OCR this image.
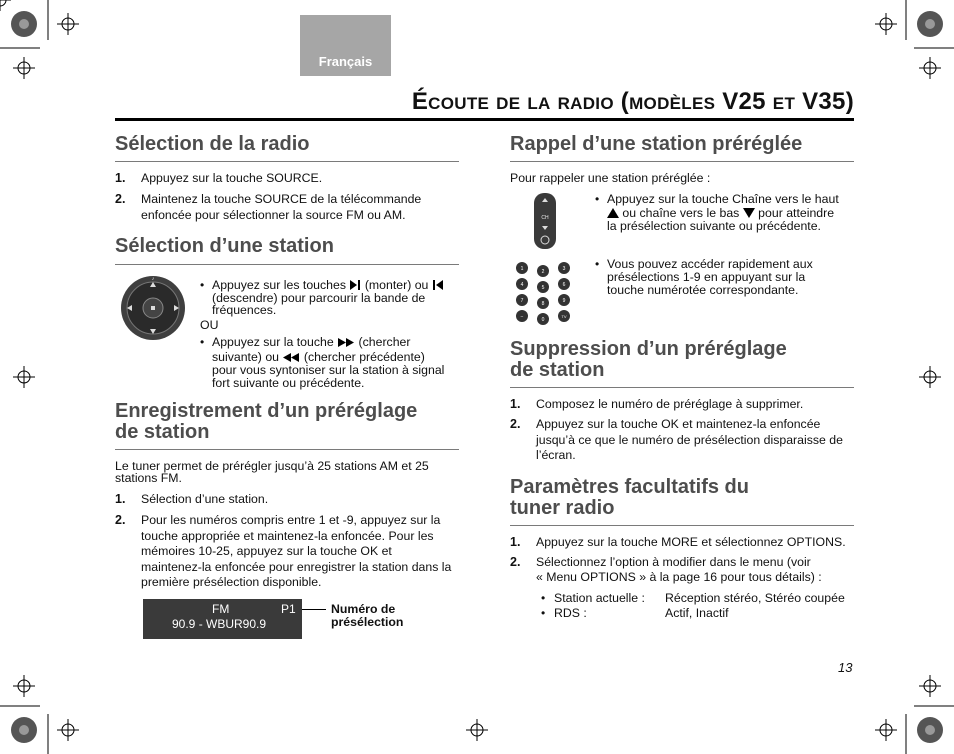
Français
Écoute de la radio (modèles V25 et V35)
Sélection de la radio
1. Appuyez sur la touche SOURCE.
2. Maintenez la touche SOURCE de la télécommande
enfoncée pour sélectionner la source FM ou AM.
Sélection d’une station
♪	• Appuyez sur les touches (monter) ou
(descendre) pour parcourir la bande de
fréquences.
OU
• Appuyez sur la touche (chercher
suivante) ou (chercher précédente)
pour vous syntoniser sur la station à signal
fort suivante ou précédente.
Enregistrement d’un préréglage
de station
Le tuner permet de prérégler jusqu’à 25 stations AM et 25
stations FM.
1. Sélection d’une station.
2. Pour les numéros compris entre 1 et -9, appuyez sur la
touche appropriée et maintenez-la enfoncée. Pour les
mémoires 10-25, appuyez sur la touche OK et
maintenez-la enfoncée pour enregistrer la station dans la
première présélection disponible.
FM	P1
90.9 - WBUR90.9
Numéro de
présélection
Rappel d’une station préréglée
Pour rappeler une station préréglée :
CH
• Appuyez sur la touche Chaîne vers le haut
ou chaîne vers le bas pour atteindre
la présélection suivante ou précédente.
1	2	3
4	5	6
7	8	9
−	0
TV
• Vous pouvez accéder rapidement aux
présélections 1-9 en appuyant sur la
touche numérotée correspondante.
Suppression d’un préréglage
de station
1. Composez le numéro de préréglage à supprimer.
2. Appuyez sur la touche OK et maintenez-la enfoncée
jusqu’à ce que le numéro de présélection disparaisse de
l’écran.
Paramètres facultatifs du
tuner radio
1. Appuyez sur la touche MORE et sélectionnez OPTIONS.
2. Sélectionnez l’option à modifier dans le menu (voir
« Menu OPTIONS » à la page 16 pour tous détails) :
• Station actuelle : Réception stéréo, Stéréo coupée
• RDS :	Actif, Inactif
13
